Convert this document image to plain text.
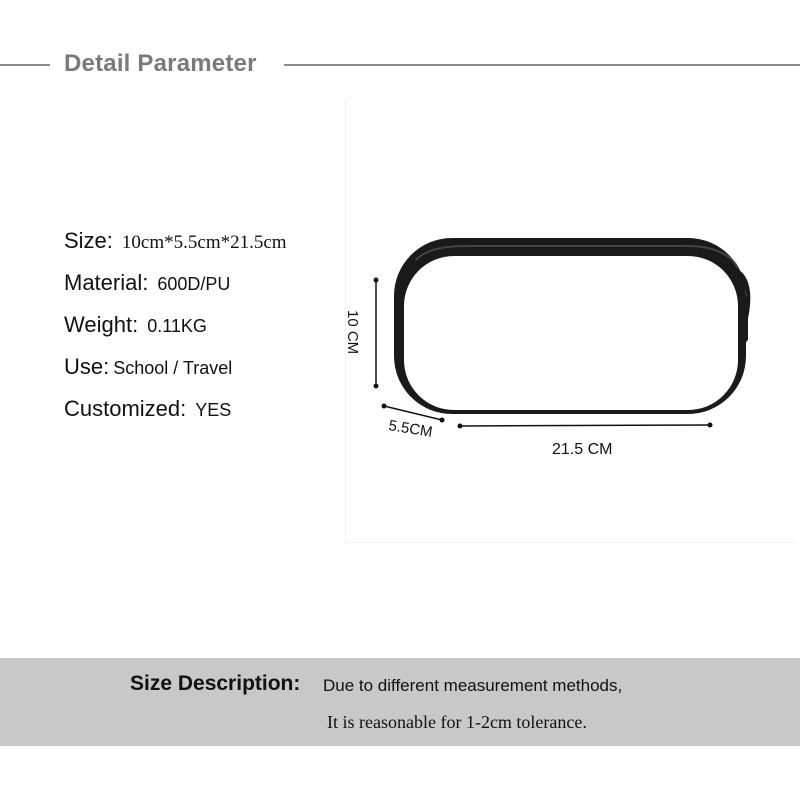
Detail Parameter
Size: 10cm*5.5cm*21.5cm
Material: 600D/PU
Weight: 0.11KG
Use: School / Travel
Customized: YES
10 CM
5.5CM
21.5 CM
Size Description: Due to different measurement methods,
It is reasonable for 1-2cm tolerance.
